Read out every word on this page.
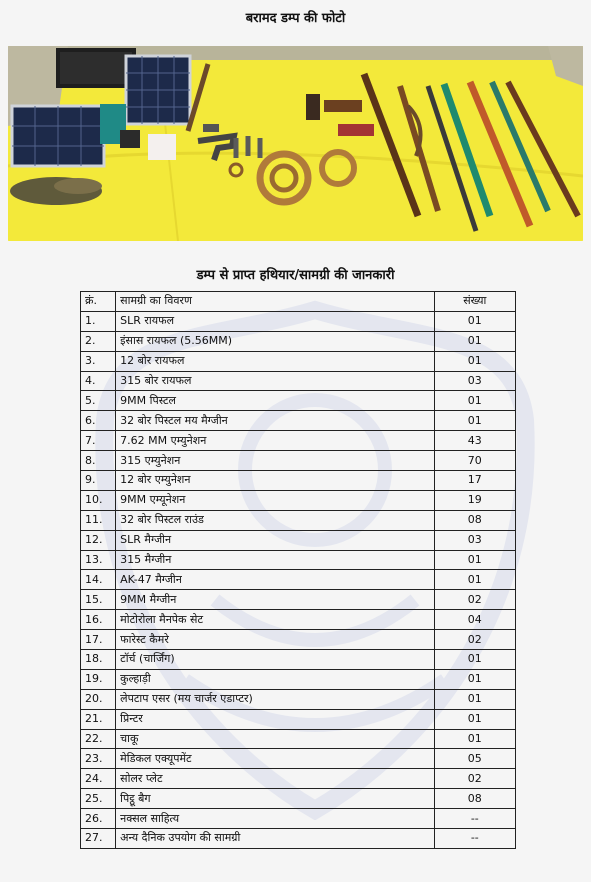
बरामद डम्प की फोटो
डम्प से प्राप्त हथियार/सामग्री की जानकारी
क्रं.	सामग्री का विवरण	संख्या
1.	SLR रायफल	01
2.	इंसास रायफल (5.56MM)	01
3.	12 बोर रायफल	01
4.	315 बोर रायफल	03
5.	9MM पिस्टल	01
6.	32 बोर पिस्टल मय मैग्जीन	01
7.	7.62 MM एम्युनेशन	43
8.	315 एम्युनेशन	70
9.	12 बोर एम्युनेशन	17
10.	9MM एम्यूनेशन	19
11.	32 बोर पिस्टल राउंड	08
12.	SLR मैग्जीन	03
13.	315 मैग्जीन	01
14.	AK-47 मैग्जीन	01
15.	9MM मैग्जीन	02
16.	मोटोरोला मैनपेक सेट	04
17.	फारेस्ट कैमरे	02
18.	टॉर्च (चार्जिंग)	01
19.	कुल्हाड़ी	01
20.	लेपटाप एसर (मय चार्जर एडाप्टर)	01
21.	प्रिन्टर	01
22.	चाकू	01
23.	मेडिकल एक्यूपमेंट	05
24.	सोलर प्लेट	02
25.	पिट्ठू बैग	08
26.	नक्सल साहित्य	--
27.	अन्य दैनिक उपयोग की सामग्री	--
